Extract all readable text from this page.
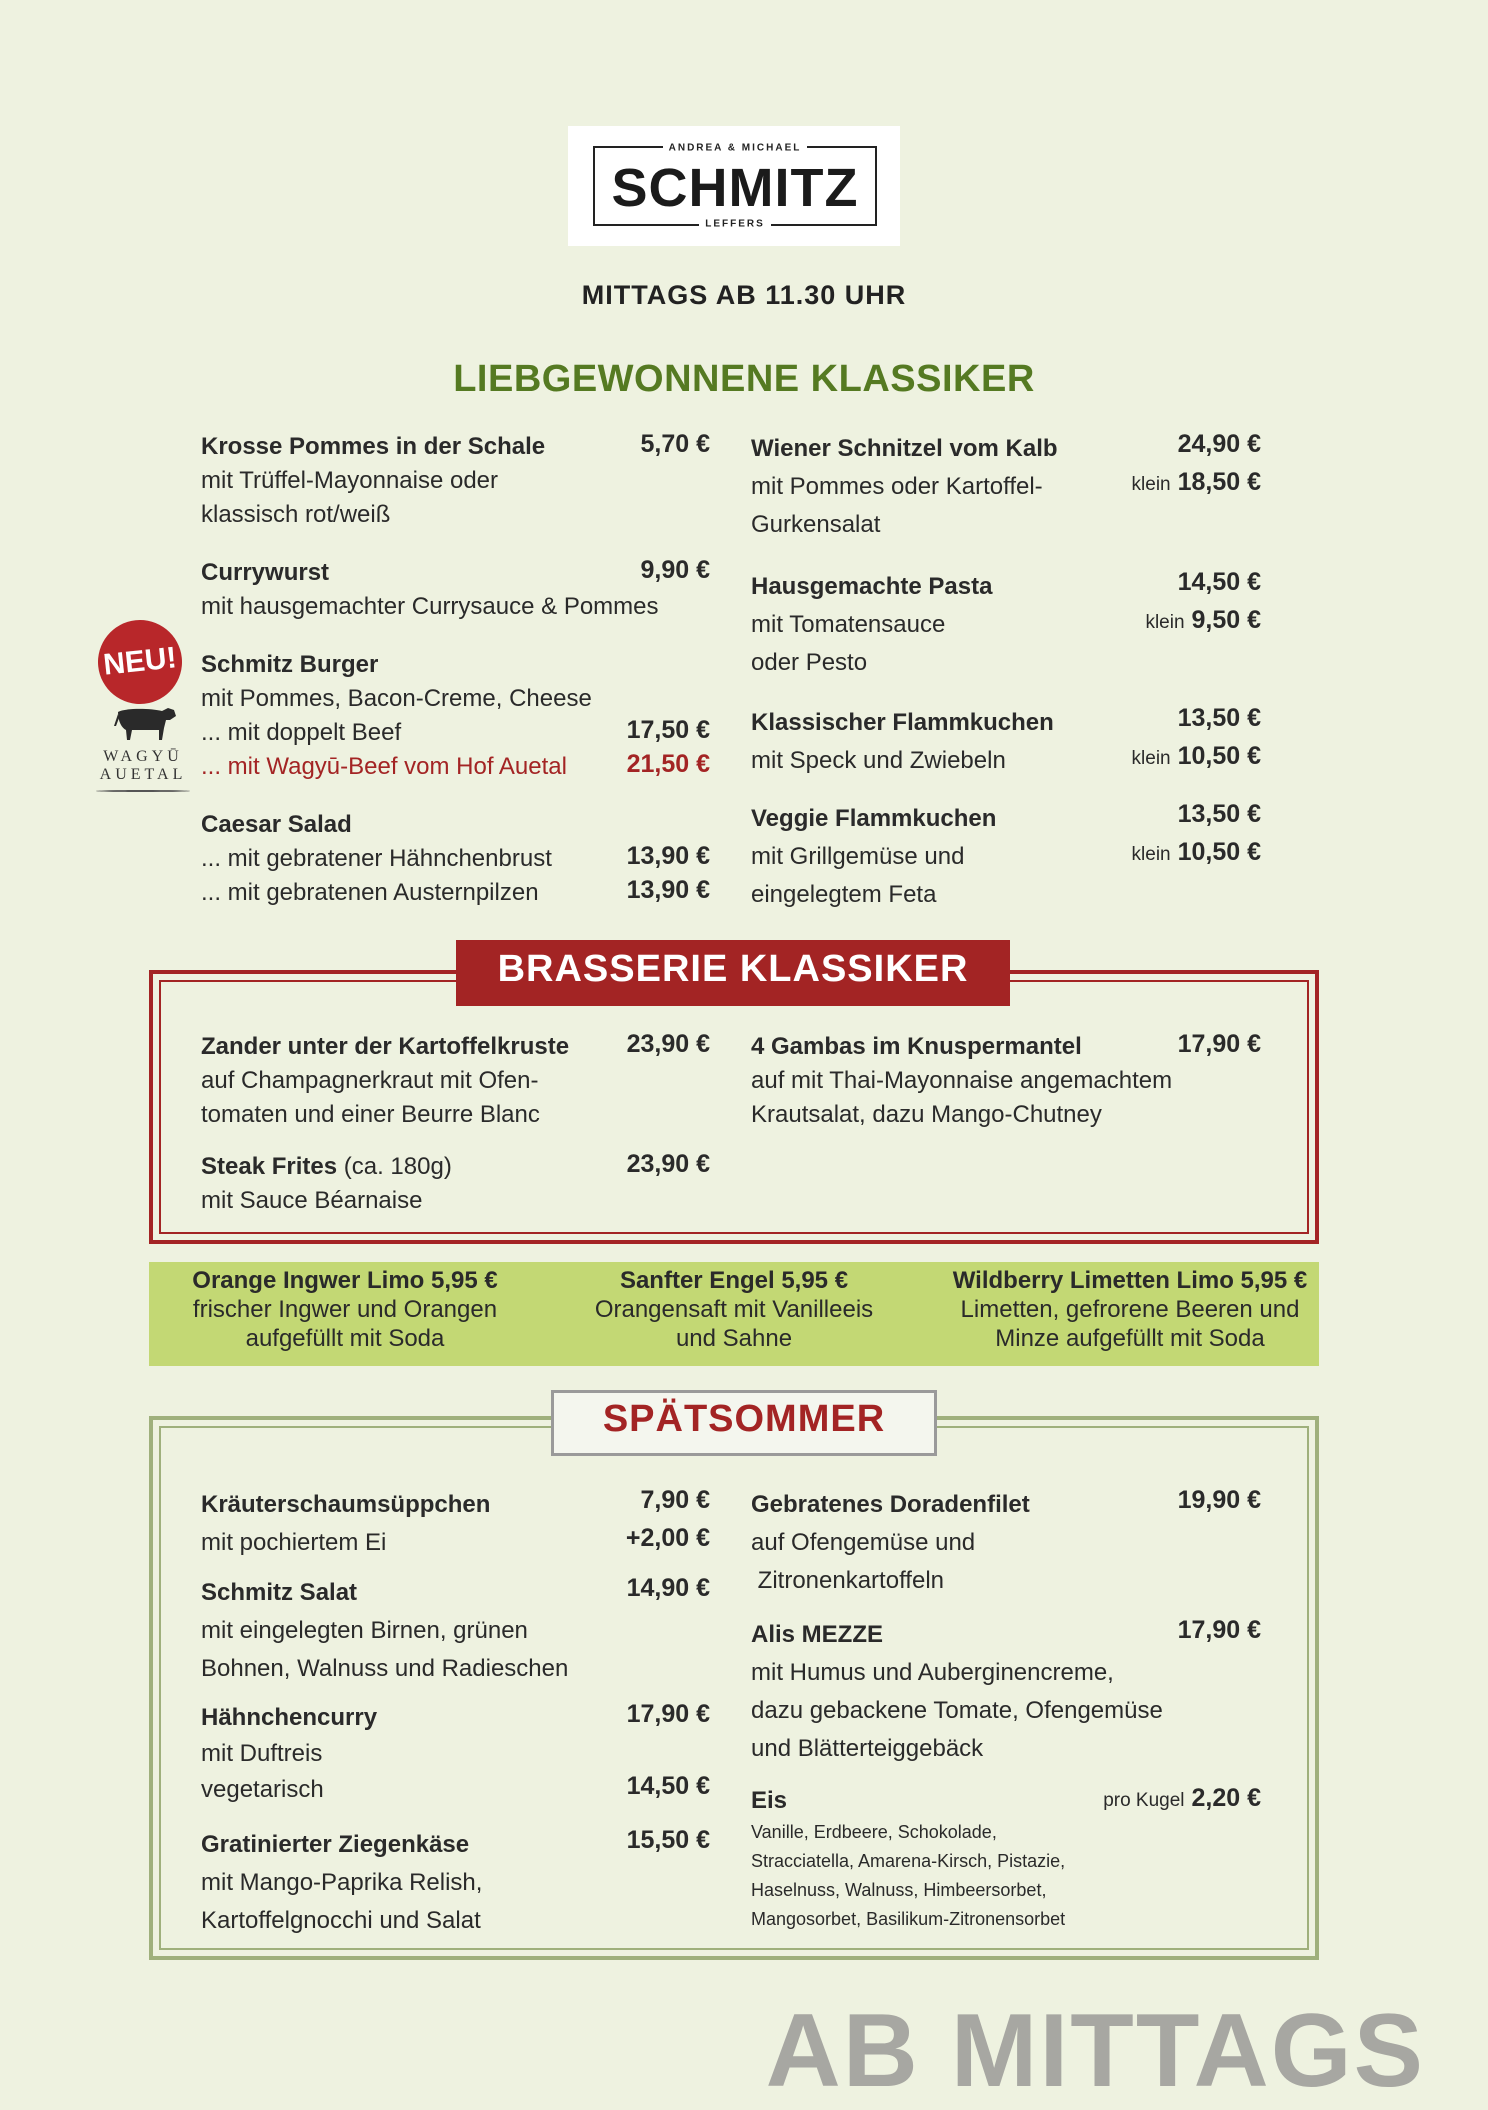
ANDREA & MICHAEL
SCHMITZ
LEFFERS
MITTAGS AB 11.30 UHR
LIEBGEWONNENE KLASSIKER
Krosse Pommes in der Schale
mit Trüffel-Mayonnaise oder
klassisch rot/weiß
5,70 €
Currywurst
mit hausgemachter Currysauce & Pommes
9,90 €
Schmitz Burger
mit Pommes, Bacon-Creme, Cheese
... mit doppelt Beef
... mit Wagyū-Beef vom Hof Auetal
17,50 €
21,50 €
Caesar Salad
... mit gebratener Hähnchenbrust
... mit gebratenen Austernpilzen
13,90 €
13,90 €
Wiener Schnitzel vom Kalb
mit Pommes oder Kartoffel-
Gurkensalat
24,90 €
klein 18,50 €
Hausgemachte Pasta
mit Tomatensauce
oder Pesto
14,50 €
klein 9,50 €
Klassischer Flammkuchen
mit Speck und Zwiebeln
13,50 €
klein 10,50 €
Veggie Flammkuchen
mit Grillgemüse und
eingelegtem Feta
13,50 €
klein 10,50 €
NEU!
WAGYŪ
AUETAL
BRASSERIE KLASSIKER
Zander unter der Kartoffelkruste
auf Champagnerkraut mit Ofen-
tomaten und einer Beurre Blanc
23,90 €
Steak Frites (ca. 180g)
mit Sauce Béarnaise
23,90 €
4 Gambas im Knuspermantel
auf mit Thai-Mayonnaise angemachtem
Krautsalat, dazu Mango-Chutney
17,90 €
Orange Ingwer Limo 5,95 €
frischer Ingwer und Orangen
aufgefüllt mit Soda
Sanfter Engel 5,95 €
Orangensaft mit Vanilleeis
und Sahne
Wildberry Limetten Limo 5,95 €
Limetten, gefrorene Beeren und
Minze aufgefüllt mit Soda
SPÄTSOMMER
Kräuterschaumsüppchen
mit pochiertem Ei
7,90 €
+2,00 €
Schmitz Salat
mit eingelegten Birnen, grünen
Bohnen, Walnuss und Radieschen
14,90 €
Hähnchencurry
mit Duftreis
vegetarisch
17,90 €
14,50 €
Gratinierter Ziegenkäse
mit Mango-Paprika Relish,
Kartoffelgnocchi und Salat
15,50 €
Gebratenes Doradenfilet
auf Ofengemüse und
Zitronenkartoffeln
19,90 €
Alis MEZZE
mit Humus und Auberginencreme,
dazu gebackene Tomate, Ofengemüse
und Blätterteiggebäck
17,90 €
Eis
Vanille, Erdbeere, Schokolade,
Stracciatella, Amarena-Kirsch, Pistazie,
Haselnuss, Walnuss, Himbeersorbet,
Mangosorbet, Basilikum-Zitronensorbet
pro Kugel 2,20 €
AB MITTAGS
